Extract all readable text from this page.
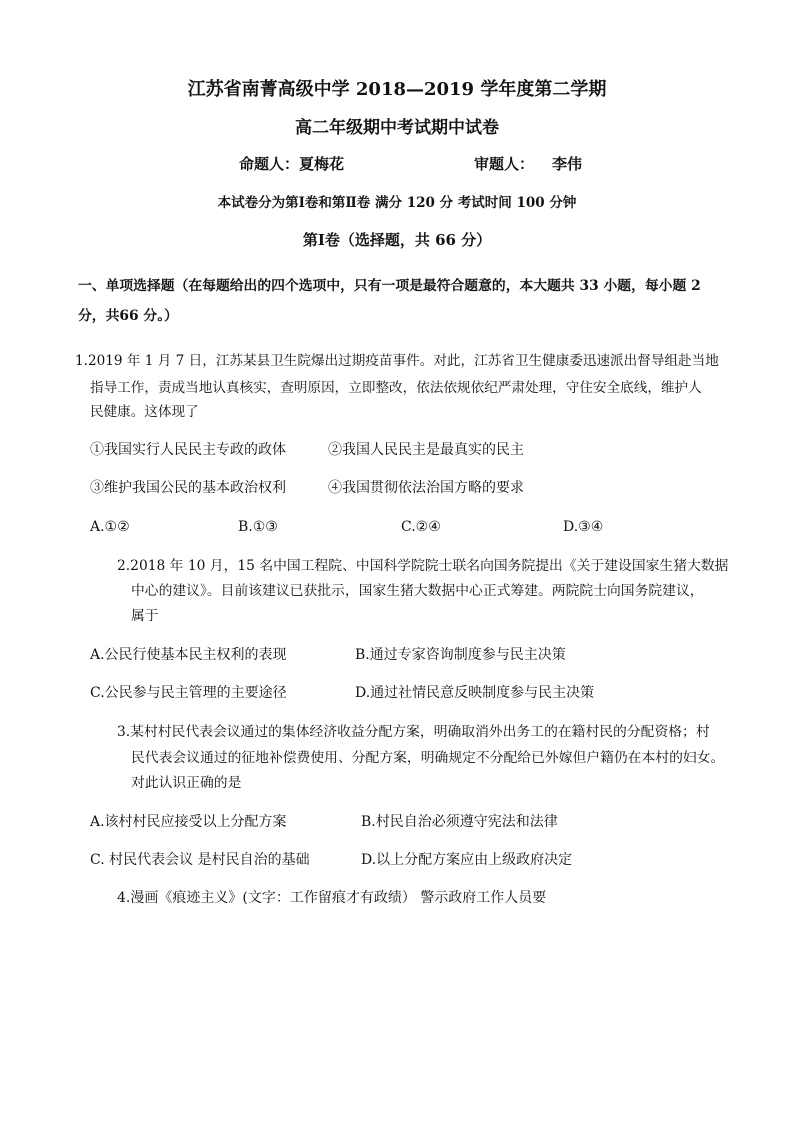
江苏省南菁高级中学 2018—2019 学年度第二学期
高二年级期中考试期中试卷
命题人：夏梅花	审题人： 李伟
本试卷分为第Ⅰ卷和第Ⅱ卷 满分 120 分 考试时间 100 分钟
第Ⅰ卷（选择题，共 66 分）
一、单项选择题（在每题给出的四个选项中，只有一项是最符合题意的，本大题共 33 小题，每小题 2
分，共66 分。）
1.2019 年 1 月 7 日，江苏某县卫生院爆出过期疫苗事件。对此，江苏省卫生健康委迅速派出督导组赴当地
指导工作，责成当地认真核实，查明原因，立即整改，依法依规依纪严肃处理，守住安全底线，维护人
民健康。这体现了
①我国实行人民民主专政的政体	②我国人民民主是最真实的民主
③维护我国公民的基本政治权利	④我国贯彻依法治国方略的要求
A.①②	B.①③	C.②④	D.③④
2.2018 年 10 月，15 名中国工程院、中国科学院院士联名向国务院提出《关于建设国家生猪大数据
中心的建议》。目前该建议已获批示，国家生猪大数据中心正式筹建。两院院士向国务院建议，
属于
A.公民行使基本民主权利的表现	B.通过专家咨询制度参与民主决策
C.公民参与民主管理的主要途径	D.通过社情民意反映制度参与民主决策
3.某村村民代表会议通过的集体经济收益分配方案，明确取消外出务工的在籍村民的分配资格；村
民代表会议通过的征地补偿费使用、分配方案，明确规定不分配给已外嫁但户籍仍在本村的妇女。
对此认识正确的是
A.该村村民应接受以上分配方案	B.村民自治必须遵守宪法和法律
C. 村民代表会议 是村民自治的基础	D.以上分配方案应由上级政府决定
4.漫画《痕迹主义》(文字：工作留痕才有政绩） 警示政府工作人员要
